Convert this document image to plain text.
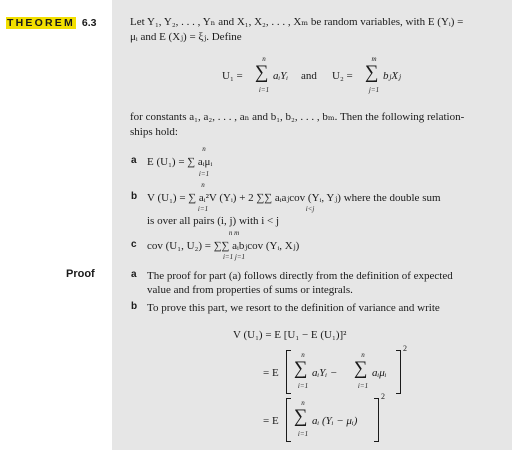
THEOREM 6.3	Let Y₁, Y₂, . . . , Yₙ and X₁, X₂, . . . , Xₘ be random variables, with E (Yᵢ) =
μᵢ and E (Xⱼ) = ξⱼ. Define
U₁ = ∑
n
i=1
aᵢYᵢ and U₂ = ∑
m
j=1
bⱼXⱼ
for constants a₁, a₂, . . . , aₙ and b₁, b₂, . . . , bₘ. Then the following relation-
ships hold:
a E (U₁) = ∑ aᵢμᵢ
n
i=1
b V (U₁) = ∑ aᵢ²V (Yᵢ) + 2 ∑∑ aᵢaⱼcov (Yᵢ, Yⱼ) where the double sum
n
i=1	i<j
is over all pairs (i, j) with i < j
c cov (U₁, U₂) = ∑∑ aᵢbⱼcov (Yᵢ, Xⱼ)
n m
i=1 j=1
Proof	a The proof for part (a) follows directly from the definition of expected
value and from properties of sums or integrals.
b To prove this part, we resort to the definition of variance and write
V (U₁) = E [U₁ − E (U₁)]²
= E ∑
n
i=1
aᵢYᵢ − ∑
n
i=1
aᵢμᵢ
2
= E ∑
n
i=1
aᵢ (Yᵢ − μᵢ)
2
